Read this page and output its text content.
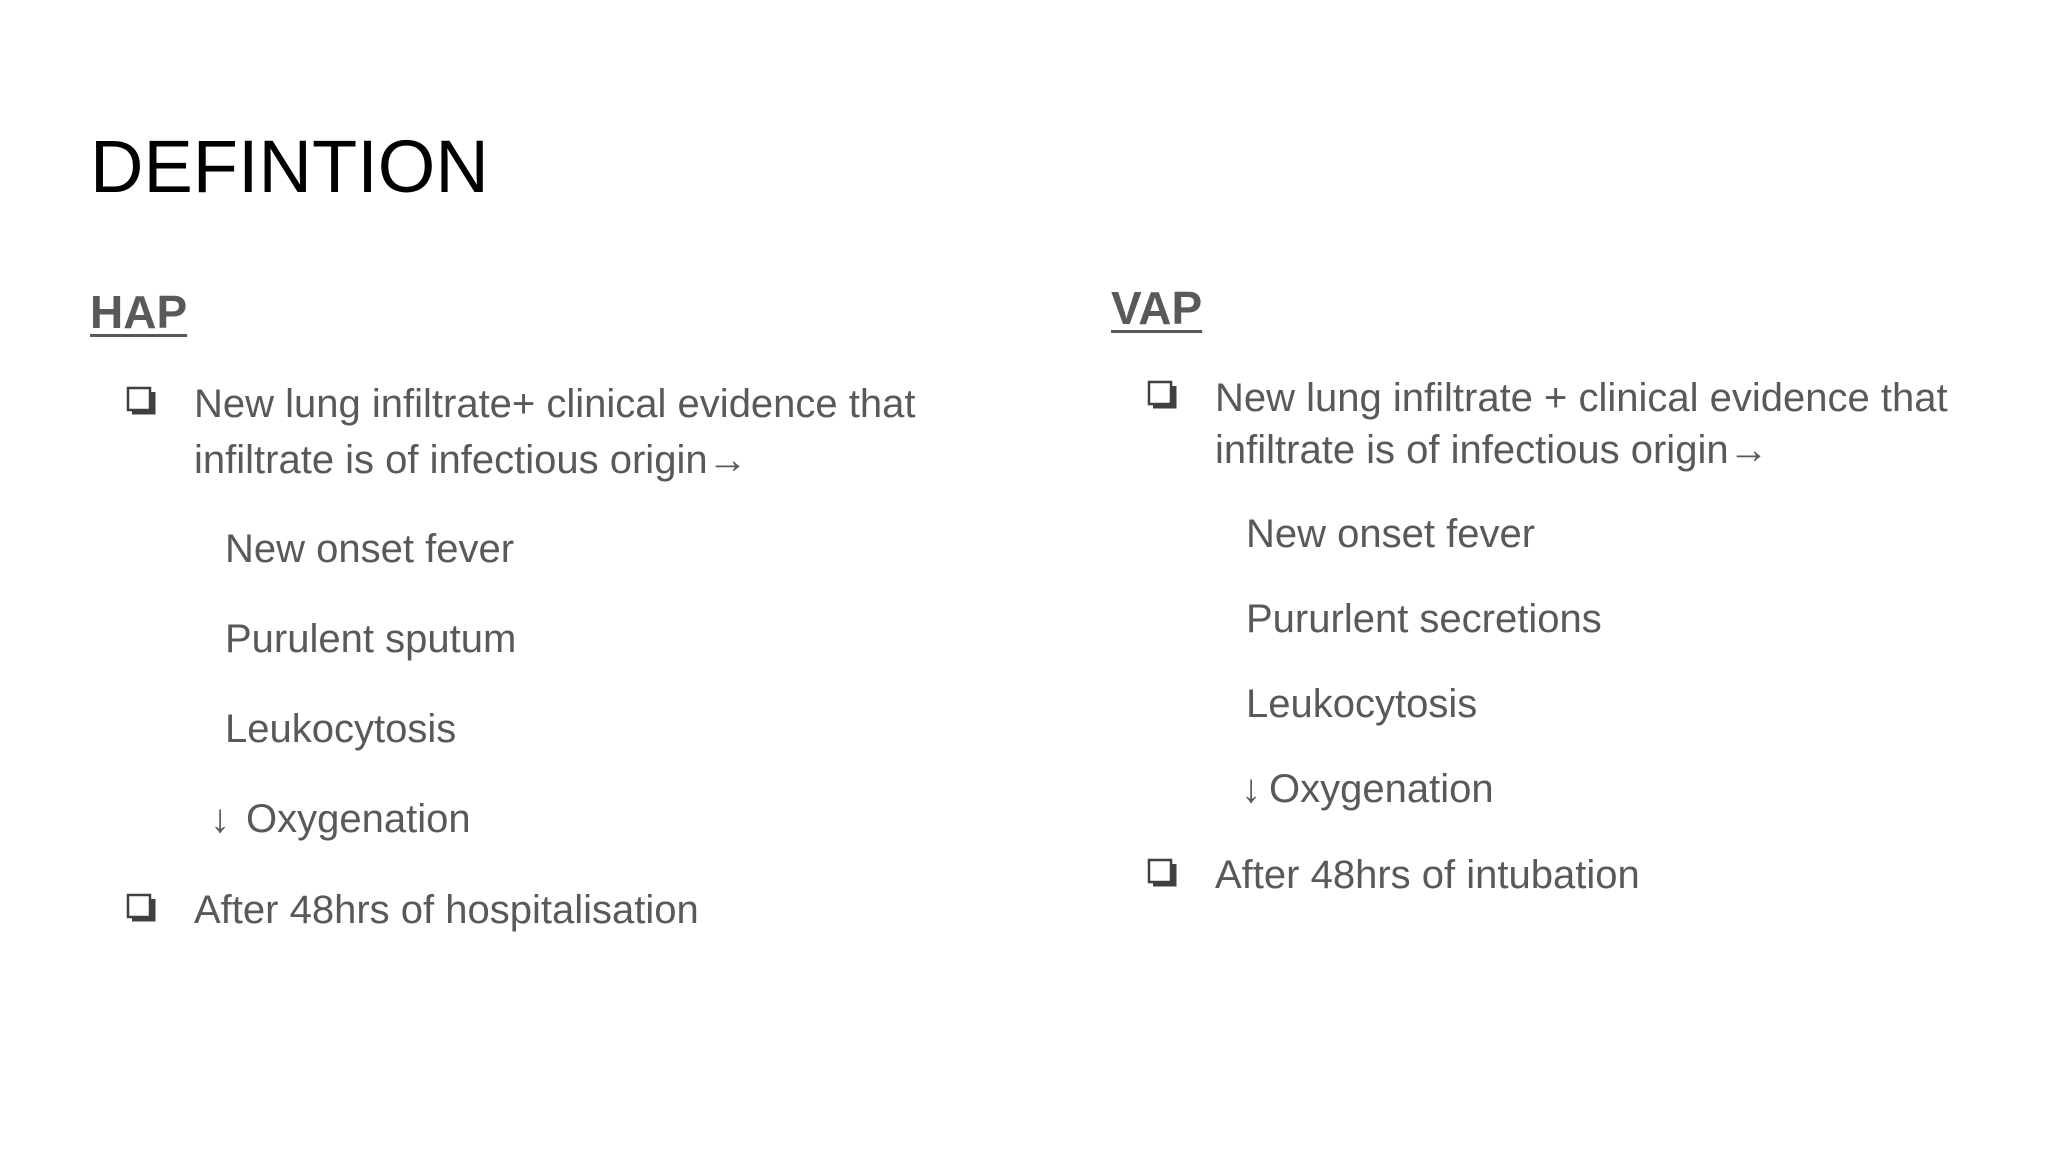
DEFINTION
HAP
New lung infiltrate+ clinical evidence that
infiltrate is of infectious origin→
New onset fever
Purulent sputum
Leukocytosis
↓ Oxygenation
After 48hrs of hospitalisation
VAP
New lung infiltrate + clinical evidence that
infiltrate is of infectious origin→
New onset fever
Pururlent secretions
Leukocytosis
↓ Oxygenation
After 48hrs of intubation
